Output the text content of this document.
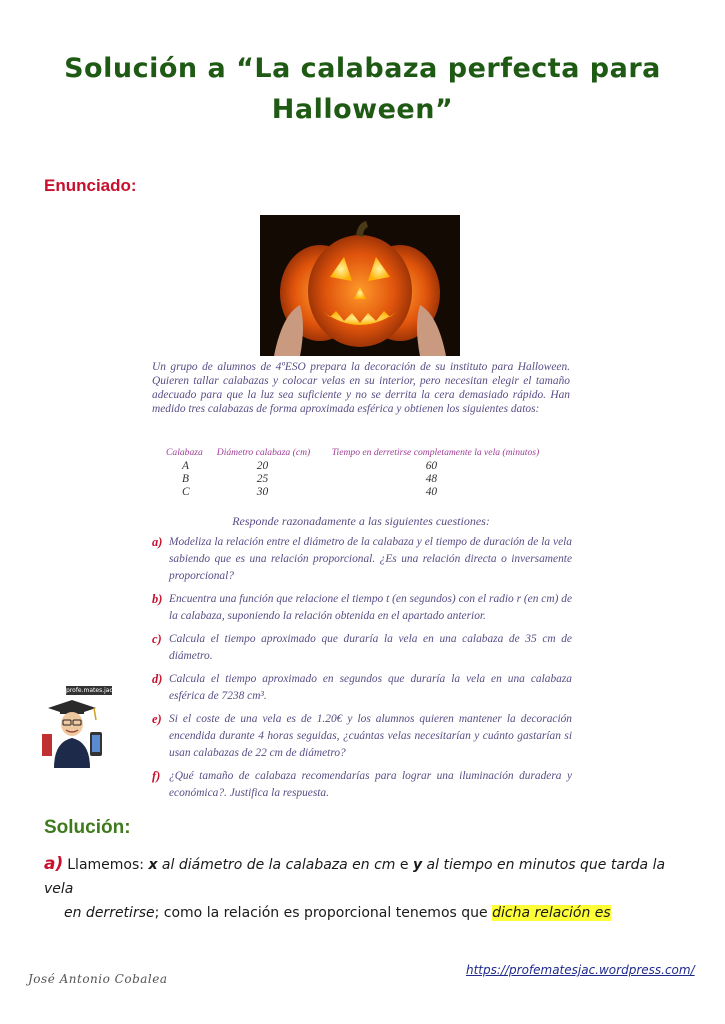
Solución a “La calabaza perfecta para
Halloween”
Enunciado:
Un grupo de alumnos de 4ºESO prepara la decoración de su instituto para Halloween. Quieren tallar calabazas y colocar velas en su interior, pero necesitan elegir el tamaño adecuado para que la luz sea suficiente y no se derrita la cera demasiado rápido. Han medido tres calabazas de forma aproximada esférica y obtienen los siguientes datos:
Calabaza	Diámetro calabaza (cm)	Tiempo en derretirse completamente la vela (minutos)
A	20	60
B	25	48
C	30	40
Responde razonadamente a las siguientes cuestiones:
a) Modeliza la relación entre el diámetro de la calabaza y el tiempo de duración de la vela sabiendo que es una relación proporcional. ¿Es una relación directa o inversamente proporcional?
b) Encuentra una función que relacione el tiempo t (en segundos) con el radio r (en cm) de la calabaza, suponiendo la relación obtenida en el apartado anterior.
c) Calcula el tiempo aproximado que duraría la vela en una calabaza de 35 cm de diámetro.
d) Calcula el tiempo aproximado en segundos que duraría la vela en una calabaza esférica de 7238 cm³.
e) Si el coste de una vela es de 1.20€ y los alumnos quieren mantener la decoración encendida durante 4 horas seguidas, ¿cuántas velas necesitarían y cuánto gastarían si usan calabazas de 22 cm de diámetro?
f) ¿Qué tamaño de calabaza recomendarías para lograr una iluminación duradera y económica?. Justifica la respuesta.
profe.mates.jac
Solución:
a) Llamemos: x al diámetro de la calabaza en cm e y al tiempo en minutos que tarda la vela
en derretirse; como la relación es proporcional tenemos que dicha relación es
https://profematesjac.wordpress.com/
José Antonio Cobalea
